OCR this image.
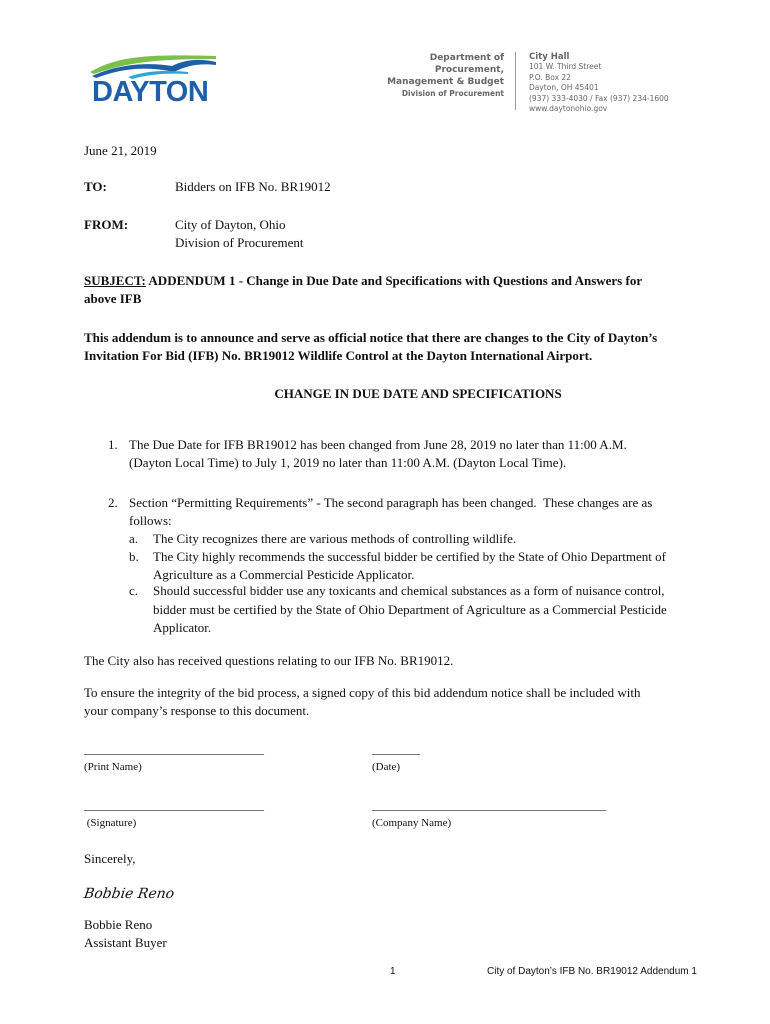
DAYTON
Department of Procurement,
Management & Budget
Division of Procurement
City Hall
101 W. Third Street
P.O. Box 22
Dayton, OH 45401
(937) 333-4030 / Fax (937) 234-1600
www.daytonohio.gov
June 21, 2019
TO:	Bidders on IFB No. BR19012
FROM:	City of Dayton, Ohio
Division of Procurement
SUBJECT: ADDENDUM 1 - Change in Due Date and Specifications with Questions and Answers for
above IFB
This addendum is to announce and serve as official notice that there are changes to the City of Dayton’s
Invitation For Bid (IFB) No. BR19012 Wildlife Control at the Dayton International Airport.
CHANGE IN DUE DATE AND SPECIFICATIONS
1. The Due Date for IFB BR19012 has been changed from June 28, 2019 no later than 11:00 A.M.
(Dayton Local Time) to July 1, 2019 no later than 11:00 A.M. (Dayton Local Time).
2. Section “Permitting Requirements” - The second paragraph has been changed.  These changes are as
follows:
a. The City recognizes there are various methods of controlling wildlife.
b. The City highly recommends the successful bidder be certified by the State of Ohio Department of
Agriculture as a Commercial Pesticide Applicator.
c. Should successful bidder use any toxicants and chemical substances as a form of nuisance control,
bidder must be certified by the State of Ohio Department of Agriculture as a Commercial Pesticide
Applicator.
The City also has received questions relating to our IFB No. BR19012.
To ensure the integrity of the bid process, a signed copy of this bid addendum notice shall be included with
your company’s response to this document.
______________________________
(Print Name)
________
(Date)
______________________________
(Signature)
_______________________________________
(Company Name)
Sincerely,
Bobbie Reno
Bobbie Reno
Assistant Buyer
1	City of Dayton’s IFB No. BR19012 Addendum 1
